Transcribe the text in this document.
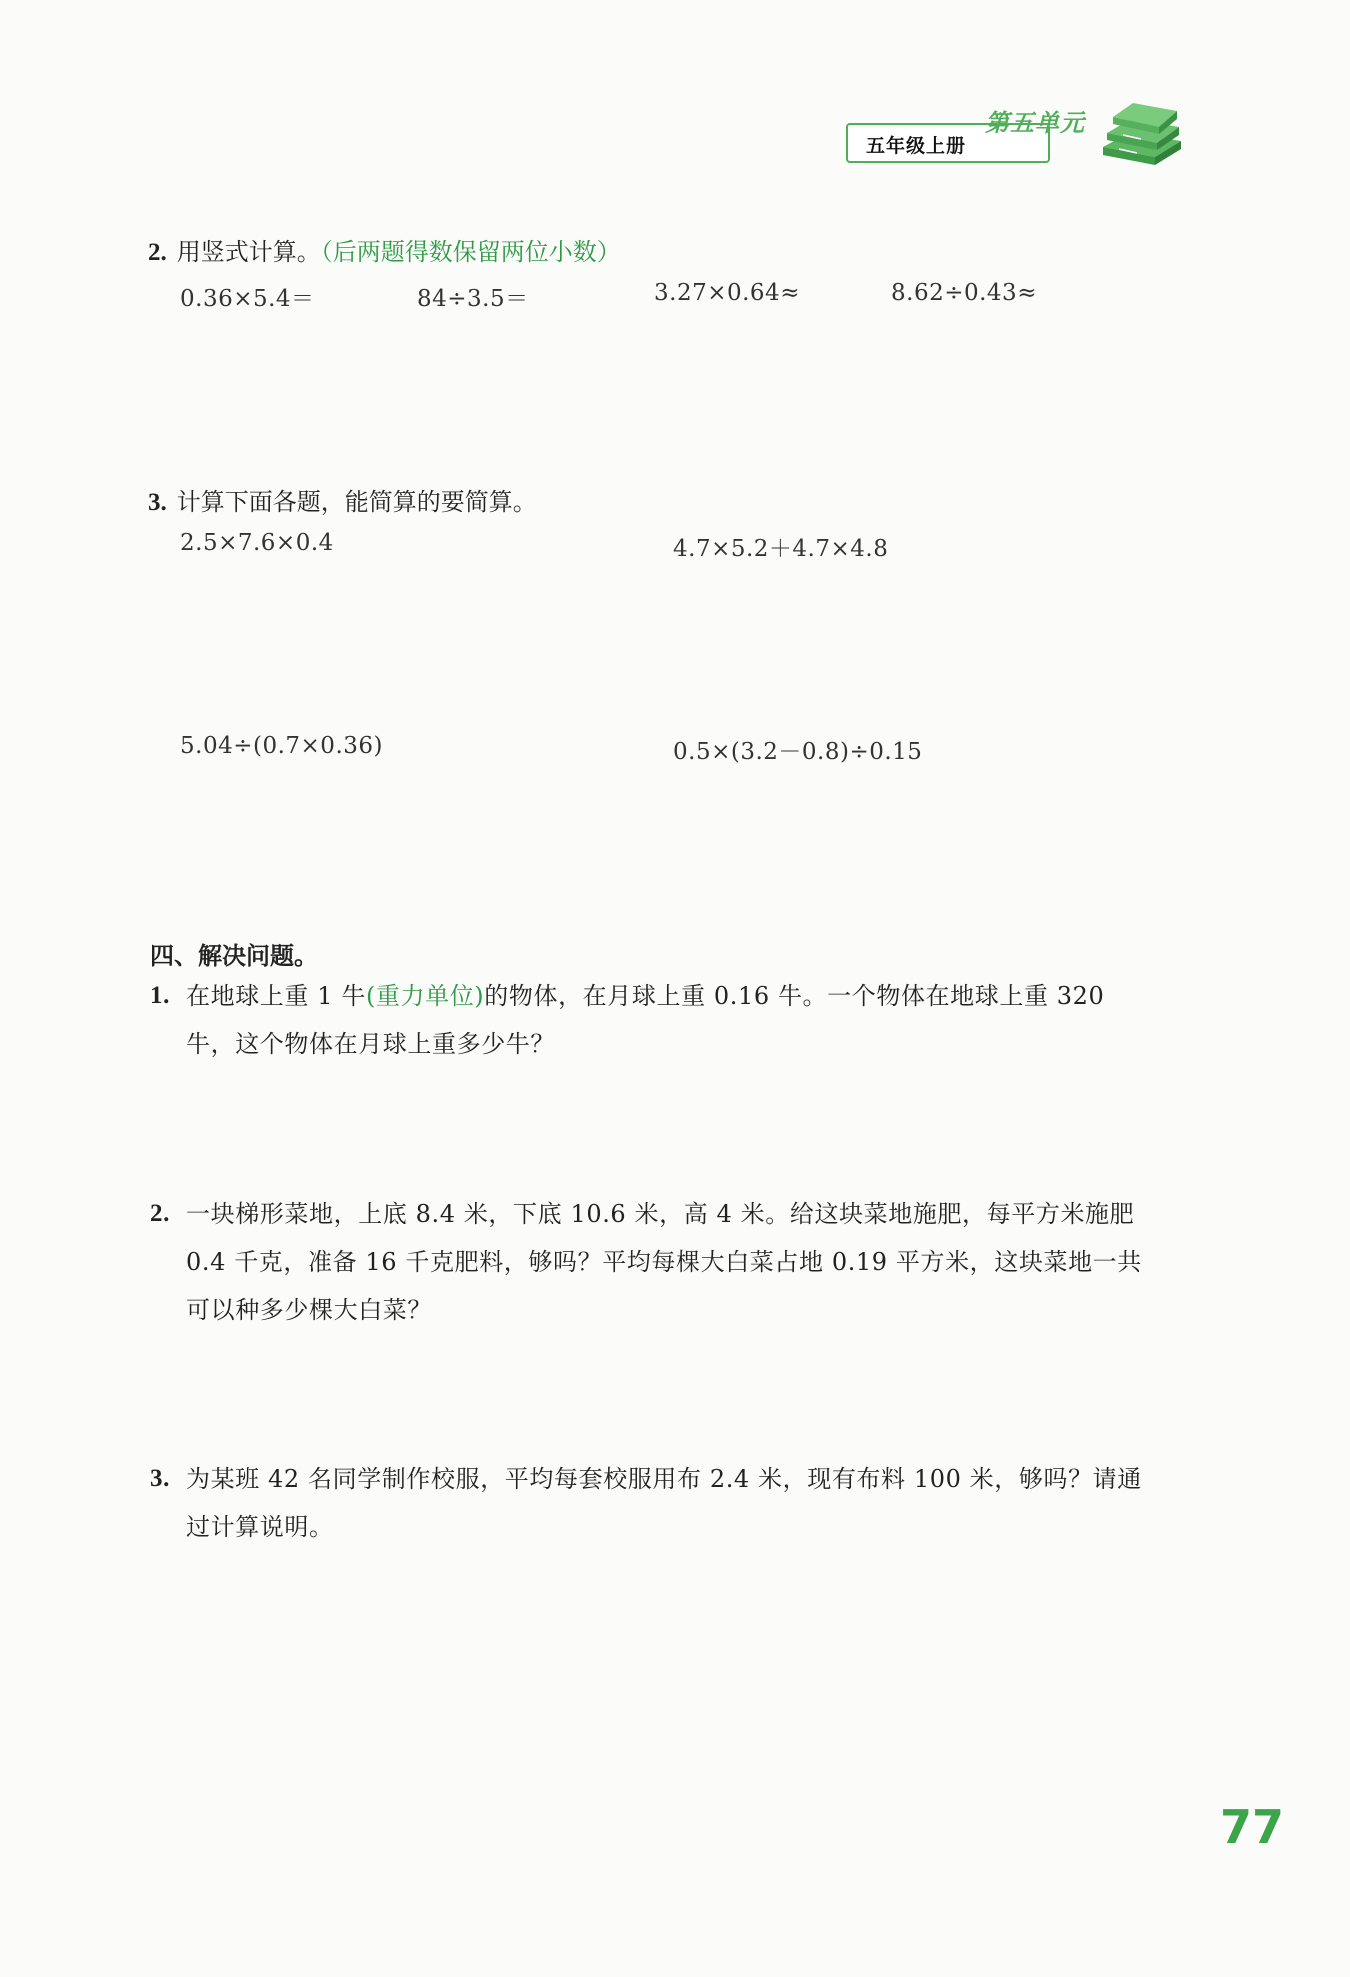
五年级上册
第五单元
2. 用竖式计算。（后两题得数保留两位小数）
0.36×5.4＝	84÷3.5＝	3.27×0.64≈	8.62÷0.43≈
3. 计算下面各题，能简算的要简算。
2.5×7.6×0.4	4.7×5.2＋4.7×4.8
5.04÷(0.7×0.36)	0.5×(3.2－0.8)÷0.15
四、解决问题。
1. 在地球上重 1 牛(重力单位)的物体，在月球上重 0.16 牛。一个物体在地球上重 320
牛，这个物体在月球上重多少牛？
2. 一块梯形菜地，上底 8.4 米，下底 10.6 米，高 4 米。给这块菜地施肥，每平方米施肥
0.4 千克，准备 16 千克肥料，够吗？平均每棵大白菜占地 0.19 平方米，这块菜地一共
可以种多少棵大白菜？
3. 为某班 42 名同学制作校服，平均每套校服用布 2.4 米，现有布料 100 米，够吗？请通
过计算说明。
77
